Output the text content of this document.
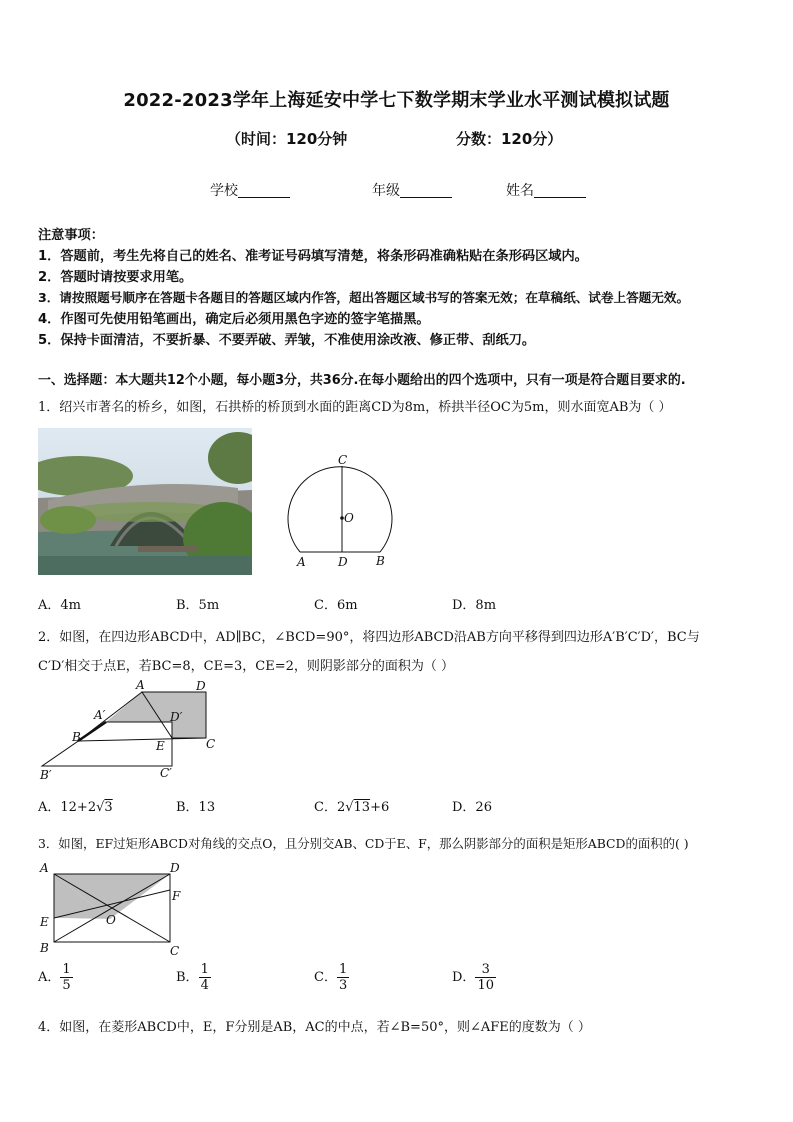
2022-2023学年上海延安中学七下数学期末学业水平测试模拟试题
（时间：120分钟	分数：120分）
学校	年级	姓名
注意事项：
1．答题前，考生先将自己的姓名、准考证号码填写清楚，将条形码准确粘贴在条形码区域内。
2．答题时请按要求用笔。
3．请按照题号顺序在答题卡各题目的答题区域内作答，超出答题区域书写的答案无效；在草稿纸、试卷上答题无效。
4．作图可先使用铅笔画出，确定后必须用黑色字迹的签字笔描黑。
5．保持卡面清洁，不要折暴、不要弄破、弄皱，不准使用涂改液、修正带、刮纸刀。
一、选择题：本大题共12个小题，每小题3分，共36分.在每小题给出的四个选项中，只有一项是符合题目要求的.
1．绍兴市著名的桥乡，如图，石拱桥的桥顶到水面的距离CD为8m，桥拱半径OC为5m，则水面宽AB为（ ）
C
O
A	D B
A．4m	B．5m	C．6m	D．8m
2．如图，在四边形ABCD中，AD∥BC，∠BCD=90°，将四边形ABCD沿AB方向平移得到四边形A′B′C′D′，BC与
C′D′相交于点E，若BC=8，CE=3，CE=2，则阴影部分的面积为（ ）
A	D
A′	D′
B
E	C
B′	C′
A．12+2√3	B．13	C．2√13+6	D．26
3．如图，EF过矩形ABCD对角线的交点O，且分别交AB、CD于E、F，那么阴影部分的面积是矩形ABCD的面积的( )
A	D
F
E	O
B	C
A． $\frac{1}{5}$	B． $\frac{1}{4}$	C． $\frac{1}{3}$	D． $\frac{3}{10}$
4．如图，在菱形ABCD中，E，F分别是AB，AC的中点，若∠B=50°，则∠AFE的度数为（ ）
